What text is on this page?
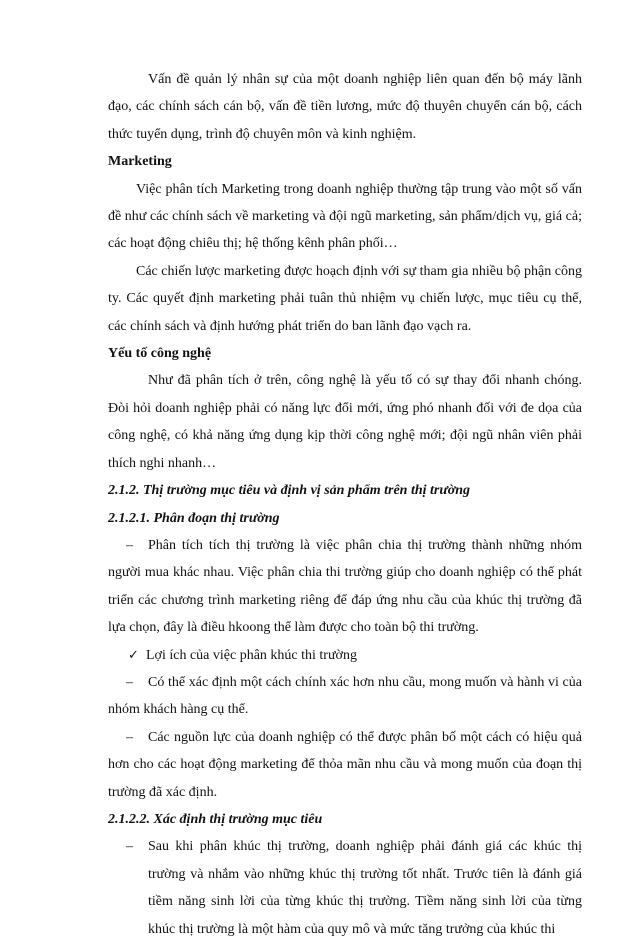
Vấn đề quản lý nhân sự của một doanh nghiệp liên quan đến bộ máy lãnh đạo, các chính sách cán bộ, vấn đề tiền lương, mức độ thuyên chuyển cán bộ, cách thức tuyển dụng, trình độ chuyên môn và kinh nghiệm.

Marketing

Việc phân tích Marketing trong doanh nghiệp thường tập trung vào một số vấn đề như các chính sách về marketing và đội ngũ marketing, sản phẩm/dịch vụ, giá cả; các hoạt động chiêu thị; hệ thống kênh phân phối…

Các chiến lược marketing được hoạch định với sự tham gia nhiều bộ phận công ty. Các quyết định marketing phải tuân thủ nhiệm vụ chiến lược, mục tiêu cụ thể, các chính sách và định hướng phát triển do ban lãnh đạo vạch ra.

Yếu tố công nghệ

Như đã phân tích ở trên, công nghệ là yếu tố có sự thay đổi nhanh chóng. Đòi hỏi doanh nghiệp phải có năng lực đổi mới, ứng phó nhanh đối với đe dọa của công nghệ, có khả năng ứng dụng kịp thời công nghệ mới; đội ngũ nhân viên phải thích nghi nhanh…

2.1.2. Thị trường mục tiêu và định vị sản phẩm trên thị trường

2.1.2.1. Phân đoạn thị trường

– Phân tích tích thị trường là việc phân chia thị trường thành những nhóm người mua khác nhau. Việc phân chia thi trường giúp cho doanh nghiệp có thể phát triển các chương trình marketing riêng để đáp ứng nhu cầu của khúc thị trường đã lựa chọn, đây là điều hkoong thể làm được cho toàn bộ thi trường.

✓ Lợi ích của việc phân khúc thi trường

– Có thể xác định một cách chính xác hơn nhu cầu, mong muốn và hành vi của nhóm khách hàng cụ thể.

– Các nguồn lực của doanh nghiệp có thể được phân bố một cách có hiệu quả hơn cho các hoạt động marketing để thỏa mãn nhu cầu và mong muốn của đoạn thị trường đã xác định.

2.1.2.2. Xác định thị trường mục tiêu

– Sau khi phân khúc thị trường, doanh nghiệp phải đánh giá các khúc thị trường và nhắm vào những khúc thị trường tốt nhất. Trước tiên là đánh giá tiềm năng sinh lời của từng khúc thị trường. Tiềm năng sinh lời của từng khúc thị trường là một hàm của quy mô và mức tăng trưởng của khúc thi
